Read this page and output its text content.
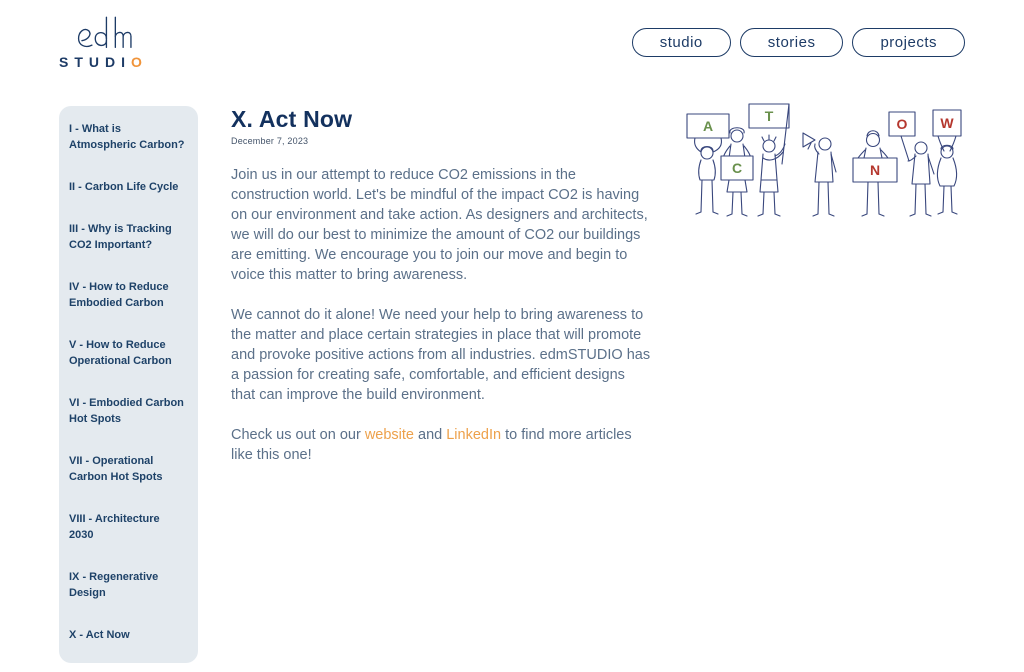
STUDIO
studio	stories	projects
I - What is Atmospheric Carbon?
II - Carbon Life Cycle
III - Why is Tracking CO2 Important?
IV - How to Reduce Embodied Carbon
V - How to Reduce Operational Carbon
VI - Embodied Carbon Hot Spots
VII - Operational Carbon Hot Spots
VIII - Architecture 2030
IX - Regenerative Design
X - Act Now
X. Act Now
December 7, 2023

Join us in our attempt to reduce CO2 emissions in the construction world. Let's be mindful of the impact CO2 is having on our environment and take action. As designers and architects, we will do our best to minimize the amount of CO2 our buildings are emitting. We encourage you to join our move and begin to voice this matter to bring awareness.

We cannot do it alone! We need your help to bring awareness to the matter and place certain strategies in place that will promote and provoke positive actions from all industries. edmSTUDIO has a passion for creating safe, comfortable, and efficient designs that can improve the build environment.

Check us out on our website and LinkedIn to find more articles like this one!

A
C
T
N
O W
